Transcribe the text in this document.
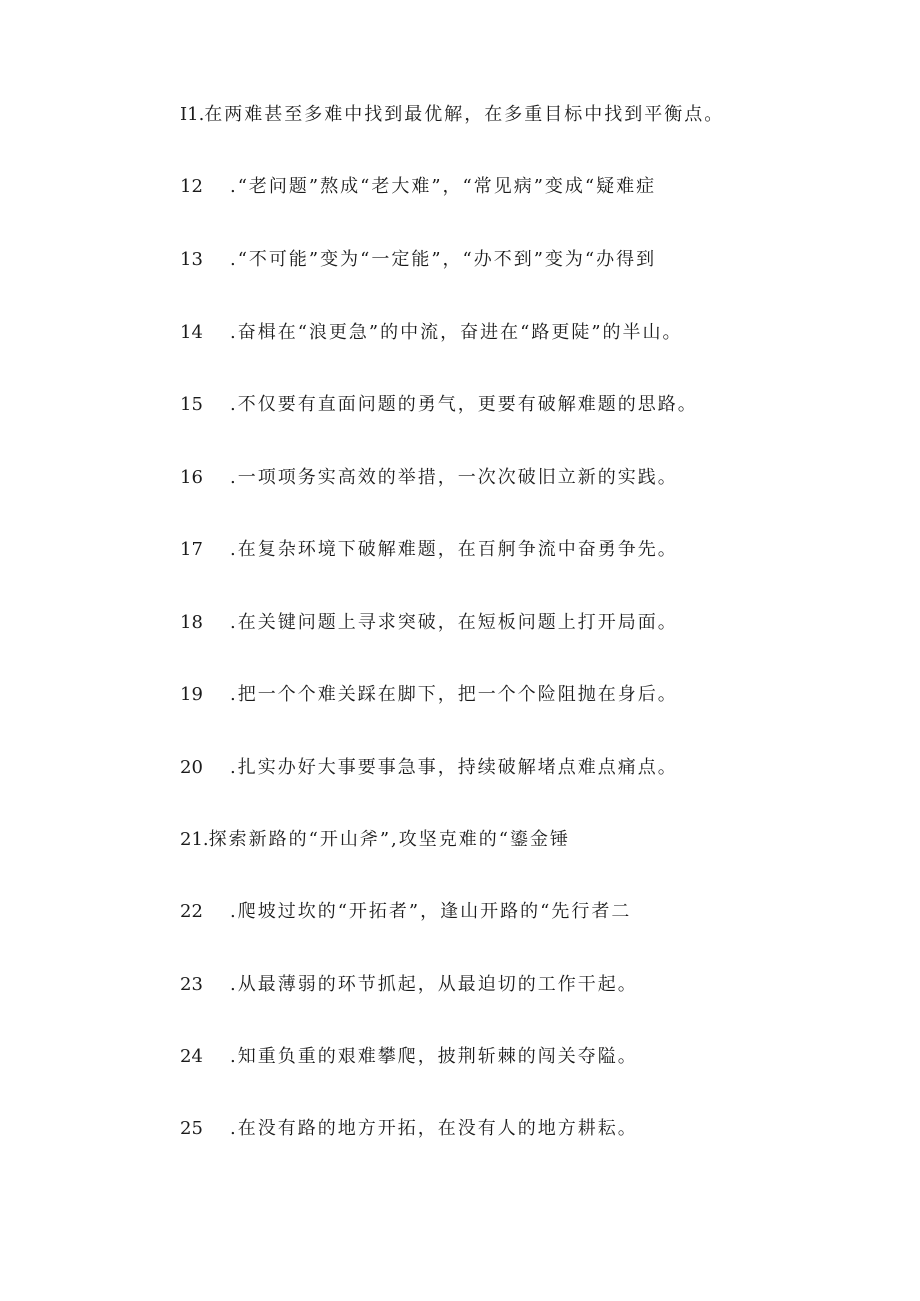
I1.在两难甚至多难中找到最优解，在多重目标中找到平衡点。
12 .“老问题”熬成“老大难”，“常见病”变成“疑难症
13 .“不可能”变为“一定能”，“办不到”变为“办得到
14 .奋楫在“浪更急”的中流，奋进在“路更陡”的半山。
15 .不仅要有直面问题的勇气，更要有破解难题的思路。
16 .一项项务实高效的举措，一次次破旧立新的实践。
17 .在复杂环境下破解难题，在百舸争流中奋勇争先。
18 .在关键问题上寻求突破，在短板问题上打开局面。
19 .把一个个难关踩在脚下，把一个个险阻抛在身后。
20 .扎实办好大事要事急事，持续破解堵点难点痛点。
21.探索新路的“开山斧”,攻坚克难的“鎏金锤
22 .爬坡过坎的“开拓者”，逢山开路的“先行者二
23 .从最薄弱的环节抓起，从最迫切的工作干起。
24 .知重负重的艰难攀爬，披荆斩棘的闯关夺隘。
25 .在没有路的地方开拓，在没有人的地方耕耘。
